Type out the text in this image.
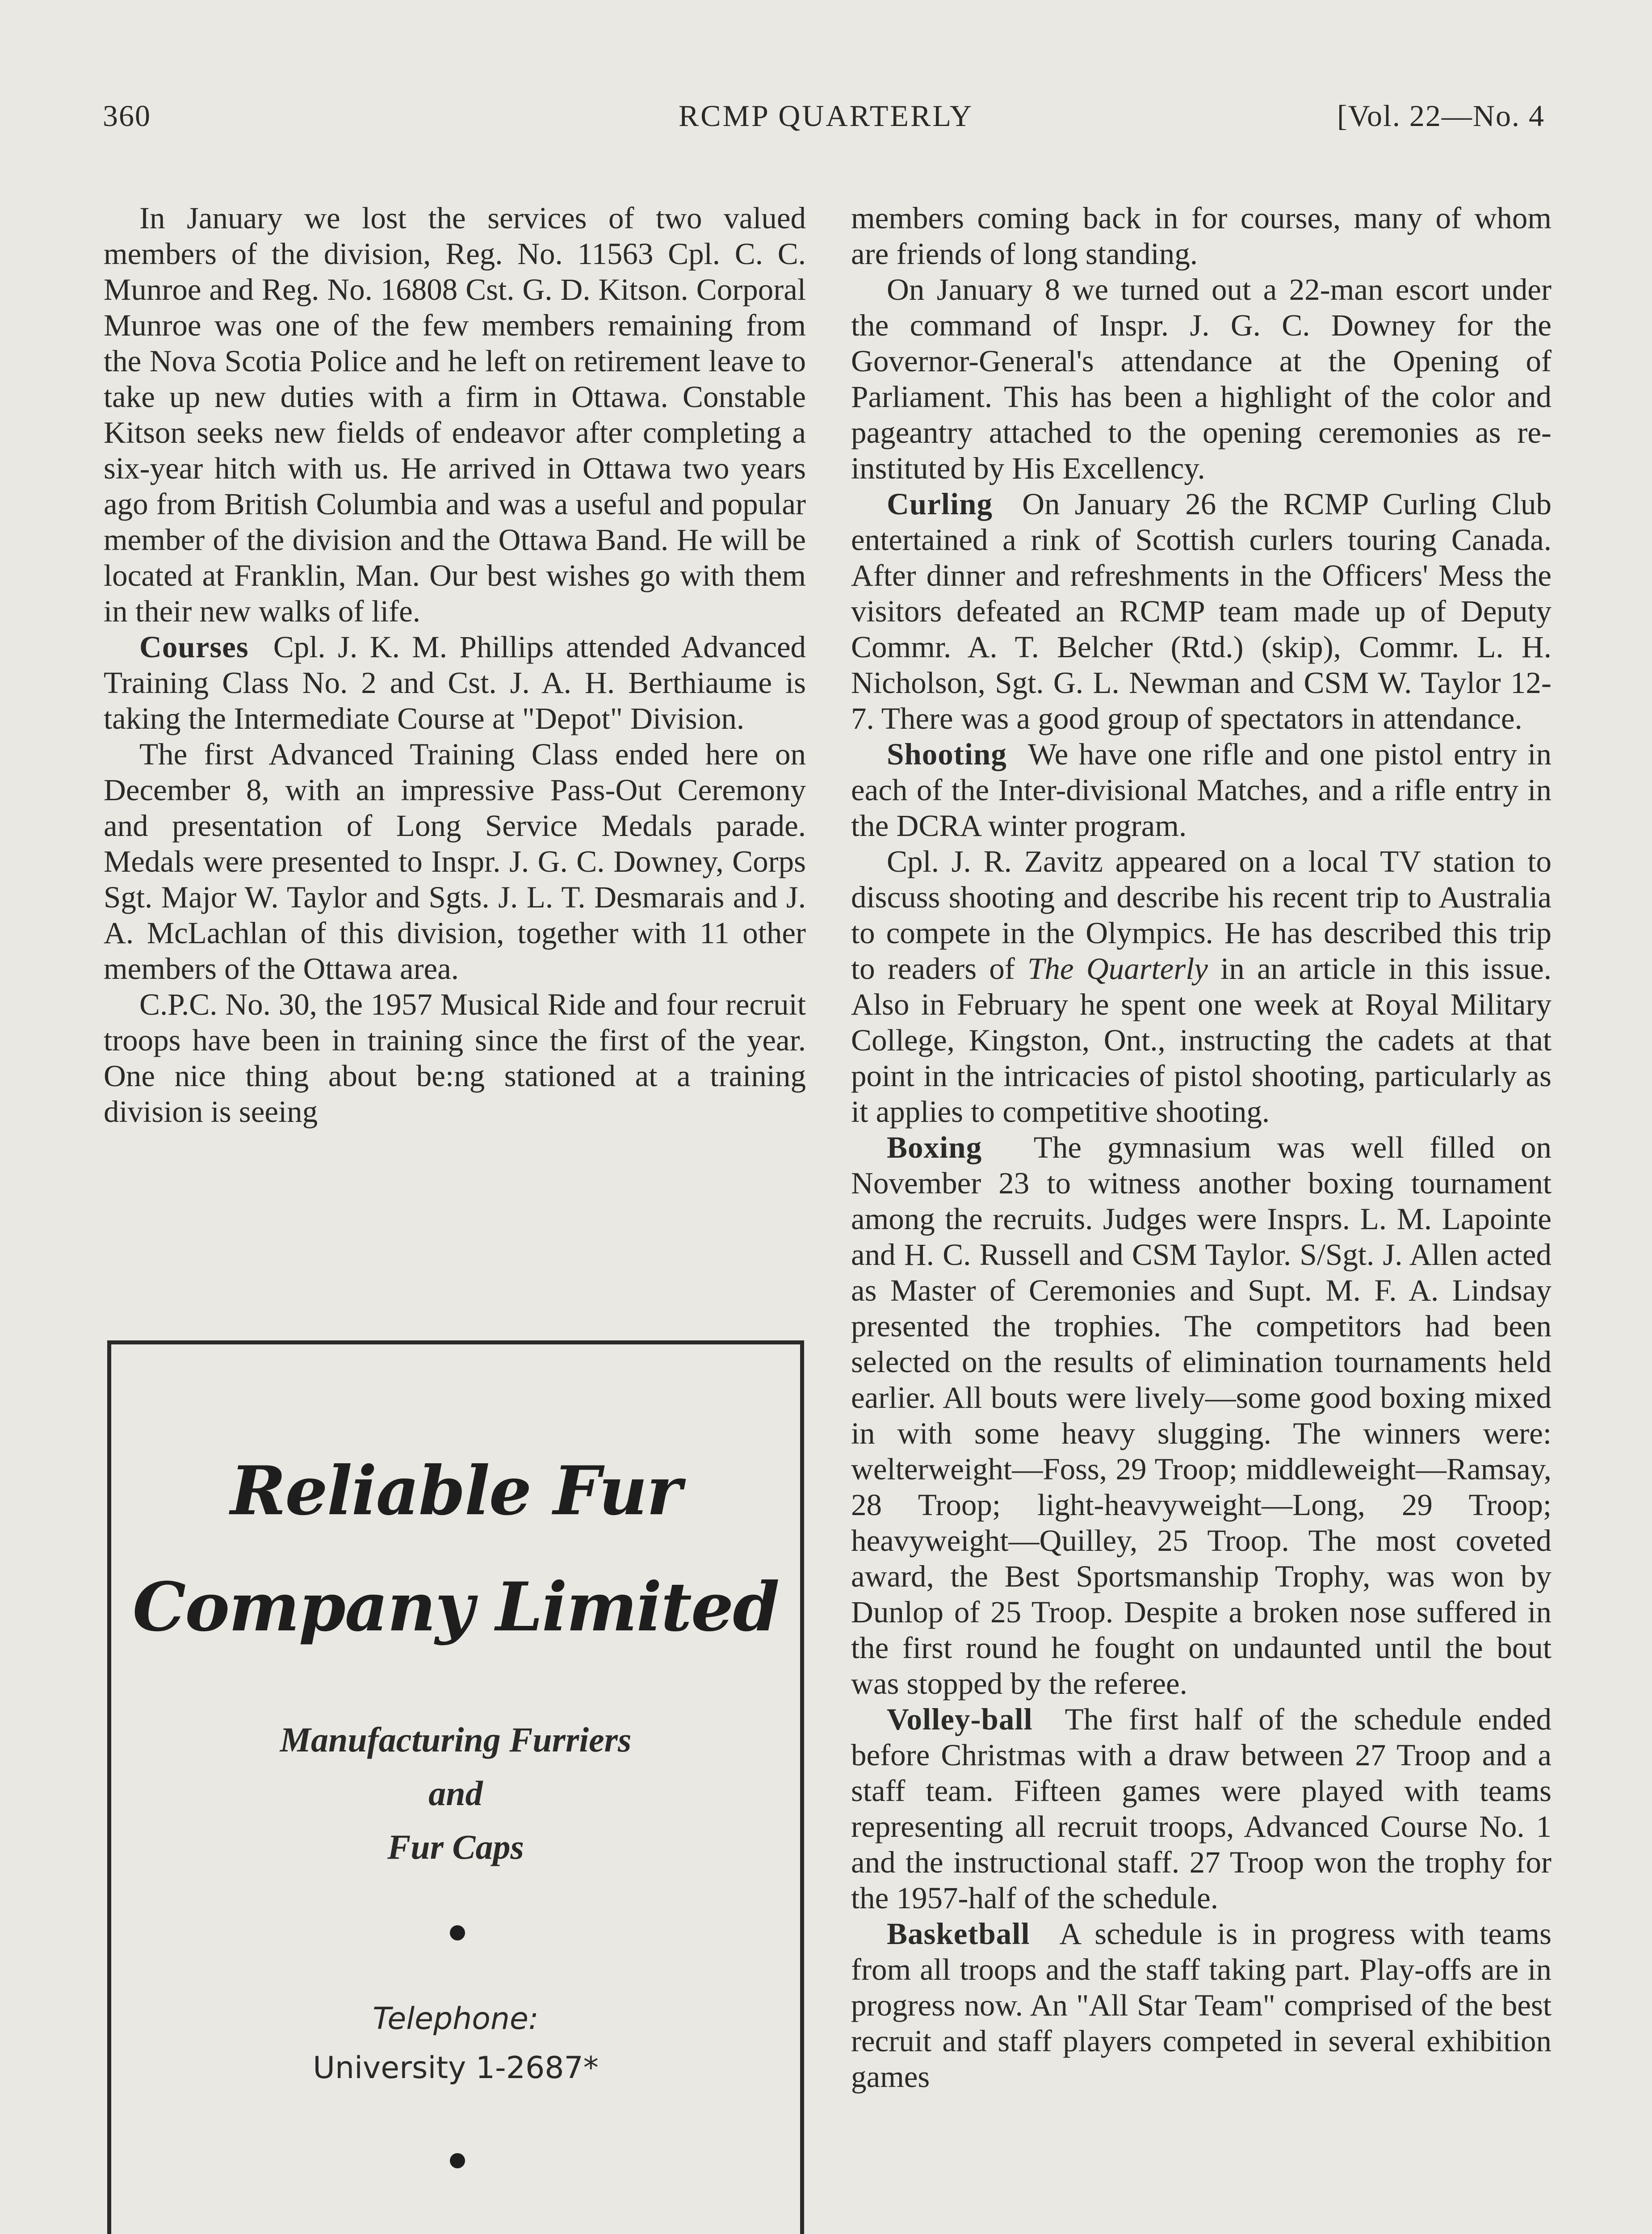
360	RCMP QUARTERLY	[Vol. 22—No. 4

In January we lost the services of two valued members of the division, Reg. No. 11563 Cpl. C. C. Munroe and Reg. No. 16808 Cst. G. D. Kitson. Corporal Munroe was one of the few members remaining from the Nova Scotia Police and he left on retirement leave to take up new duties with a firm in Ottawa. Constable Kitson seeks new fields of endeavor after completing a six-year hitch with us. He arrived in Ottawa two years ago from British Columbia and was a useful and popular member of the division and the Ottawa Band. He will be located at Franklin, Man. Our best wishes go with them in their new walks of life.

Courses Cpl. J. K. M. Phillips attended Advanced Training Class No. 2 and Cst. J. A. H. Berthiaume is taking the Intermediate Course at "Depot" Division.

The first Advanced Training Class ended here on December 8, with an impressive Pass-Out Ceremony and presentation of Long Service Medals parade. Medals were presented to Inspr. J. G. C. Downey, Corps Sgt. Major W. Taylor and Sgts. J. L. T. Desmarais and J. A. McLachlan of this division, together with 11 other members of the Ottawa area.

C.P.C. No. 30, the 1957 Musical Ride and four recruit troops have been in training since the first of the year. One nice thing about be:ng stationed at a training division is seeing

members coming back in for courses, many of whom are friends of long standing.

On January 8 we turned out a 22-man escort under the command of Inspr. J. G. C. Downey for the Governor-General's attendance at the Opening of Parliament. This has been a highlight of the color and pageantry attached to the opening ceremonies as re-instituted by His Excellency.

Curling On January 26 the RCMP Curling Club entertained a rink of Scottish curlers touring Canada. After dinner and refreshments in the Officers' Mess the visitors defeated an RCMP team made up of Deputy Commr. A. T. Belcher (Rtd.) (skip), Commr. L. H. Nicholson, Sgt. G. L. Newman and CSM W. Taylor 12-7. There was a good group of spectators in attendance.

Shooting We have one rifle and one pistol entry in each of the Inter-divisional Matches, and a rifle entry in the DCRA winter program.

Cpl. J. R. Zavitz appeared on a local TV station to discuss shooting and describe his recent trip to Australia to compete in the Olympics. He has described this trip to readers of The Quarterly in an article in this issue. Also in February he spent one week at Royal Military College, Kingston, Ont., instructing the cadets at that point in the intricacies of pistol shooting, particularly as it applies to competitive shooting.

Boxing The gymnasium was well filled on November 23 to witness another boxing tournament among the recruits. Judges were Insprs. L. M. Lapointe and H. C. Russell and CSM Taylor. S/Sgt. J. Allen acted as Master of Ceremonies and Supt. M. F. A. Lindsay presented the trophies. The competitors had been selected on the results of elimination tournaments held earlier. All bouts were lively—some good boxing mixed in with some heavy slugging. The winners were: welterweight—Foss, 29 Troop; middleweight—Ramsay, 28 Troop; light-heavyweight—Long, 29 Troop; heavyweight—Quilley, 25 Troop. The most coveted award, the Best Sportsmanship Trophy, was won by Dunlop of 25 Troop. Despite a broken nose suffered in the first round he fought on undaunted until the bout was stopped by the referee.

Volley-ball The first half of the schedule ended before Christmas with a draw between 27 Troop and a staff team. Fifteen games were played with teams representing all recruit troops, Advanced Course No. 1 and the instructional staff. 27 Troop won the trophy for the 1957-half of the schedule.

Basketball A schedule is in progress with teams from all troops and the staff taking part. Play-offs are in progress now. An "All Star Team" comprised of the best recruit and staff players competed in several exhibition games

Reliable Fur
Company Limited
Manufacturing Furriers
and
Fur Caps
Telephone:
University 1-2687*
